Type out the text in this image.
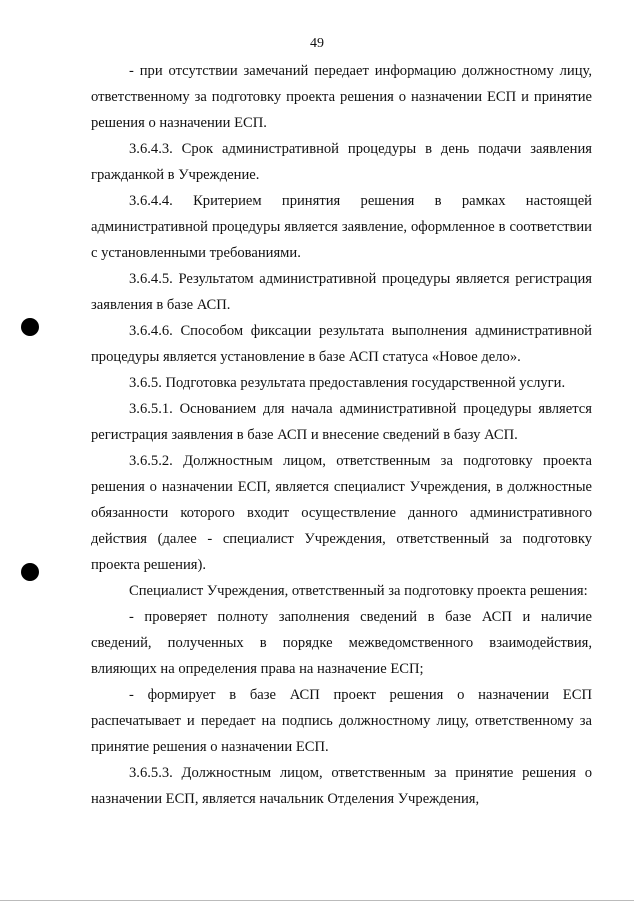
49

- при отсутствии замечаний передает информацию должностному лицу, ответственному за подготовку проекта решения о назначении ЕСП и принятие решения о назначении ЕСП.

3.6.4.3. Срок административной процедуры в день подачи заявления гражданкой в Учреждение.

3.6.4.4. Критерием принятия решения в рамках настоящей административной процедуры является заявление, оформленное в соответствии с установленными требованиями.

3.6.4.5. Результатом административной процедуры является регистрация заявления в базе АСП.

3.6.4.6. Способом фиксации результата выполнения административной процедуры является установление в базе АСП статуса «Новое дело».

3.6.5. Подготовка результата предоставления государственной услуги.

3.6.5.1. Основанием для начала административной процедуры является регистрация заявления в базе АСП и внесение сведений в базу АСП.

3.6.5.2. Должностным лицом, ответственным за подготовку проекта решения о назначении ЕСП, является специалист Учреждения, в должностные обязанности которого входит осуществление данного административного действия (далее - специалист Учреждения, ответственный за подготовку проекта решения).

Специалист Учреждения, ответственный за подготовку проекта решения:

- проверяет полноту заполнения сведений в базе АСП и наличие сведений, полученных в порядке межведомственного взаимодействия, влияющих на определения права на назначение ЕСП;

- формирует в базе АСП проект решения о назначении ЕСП распечатывает и передает на подпись должностному лицу, ответственному за принятие решения о назначении ЕСП.

3.6.5.3. Должностным лицом, ответственным за принятие решения о назначении ЕСП, является начальник Отделения Учреждения,
